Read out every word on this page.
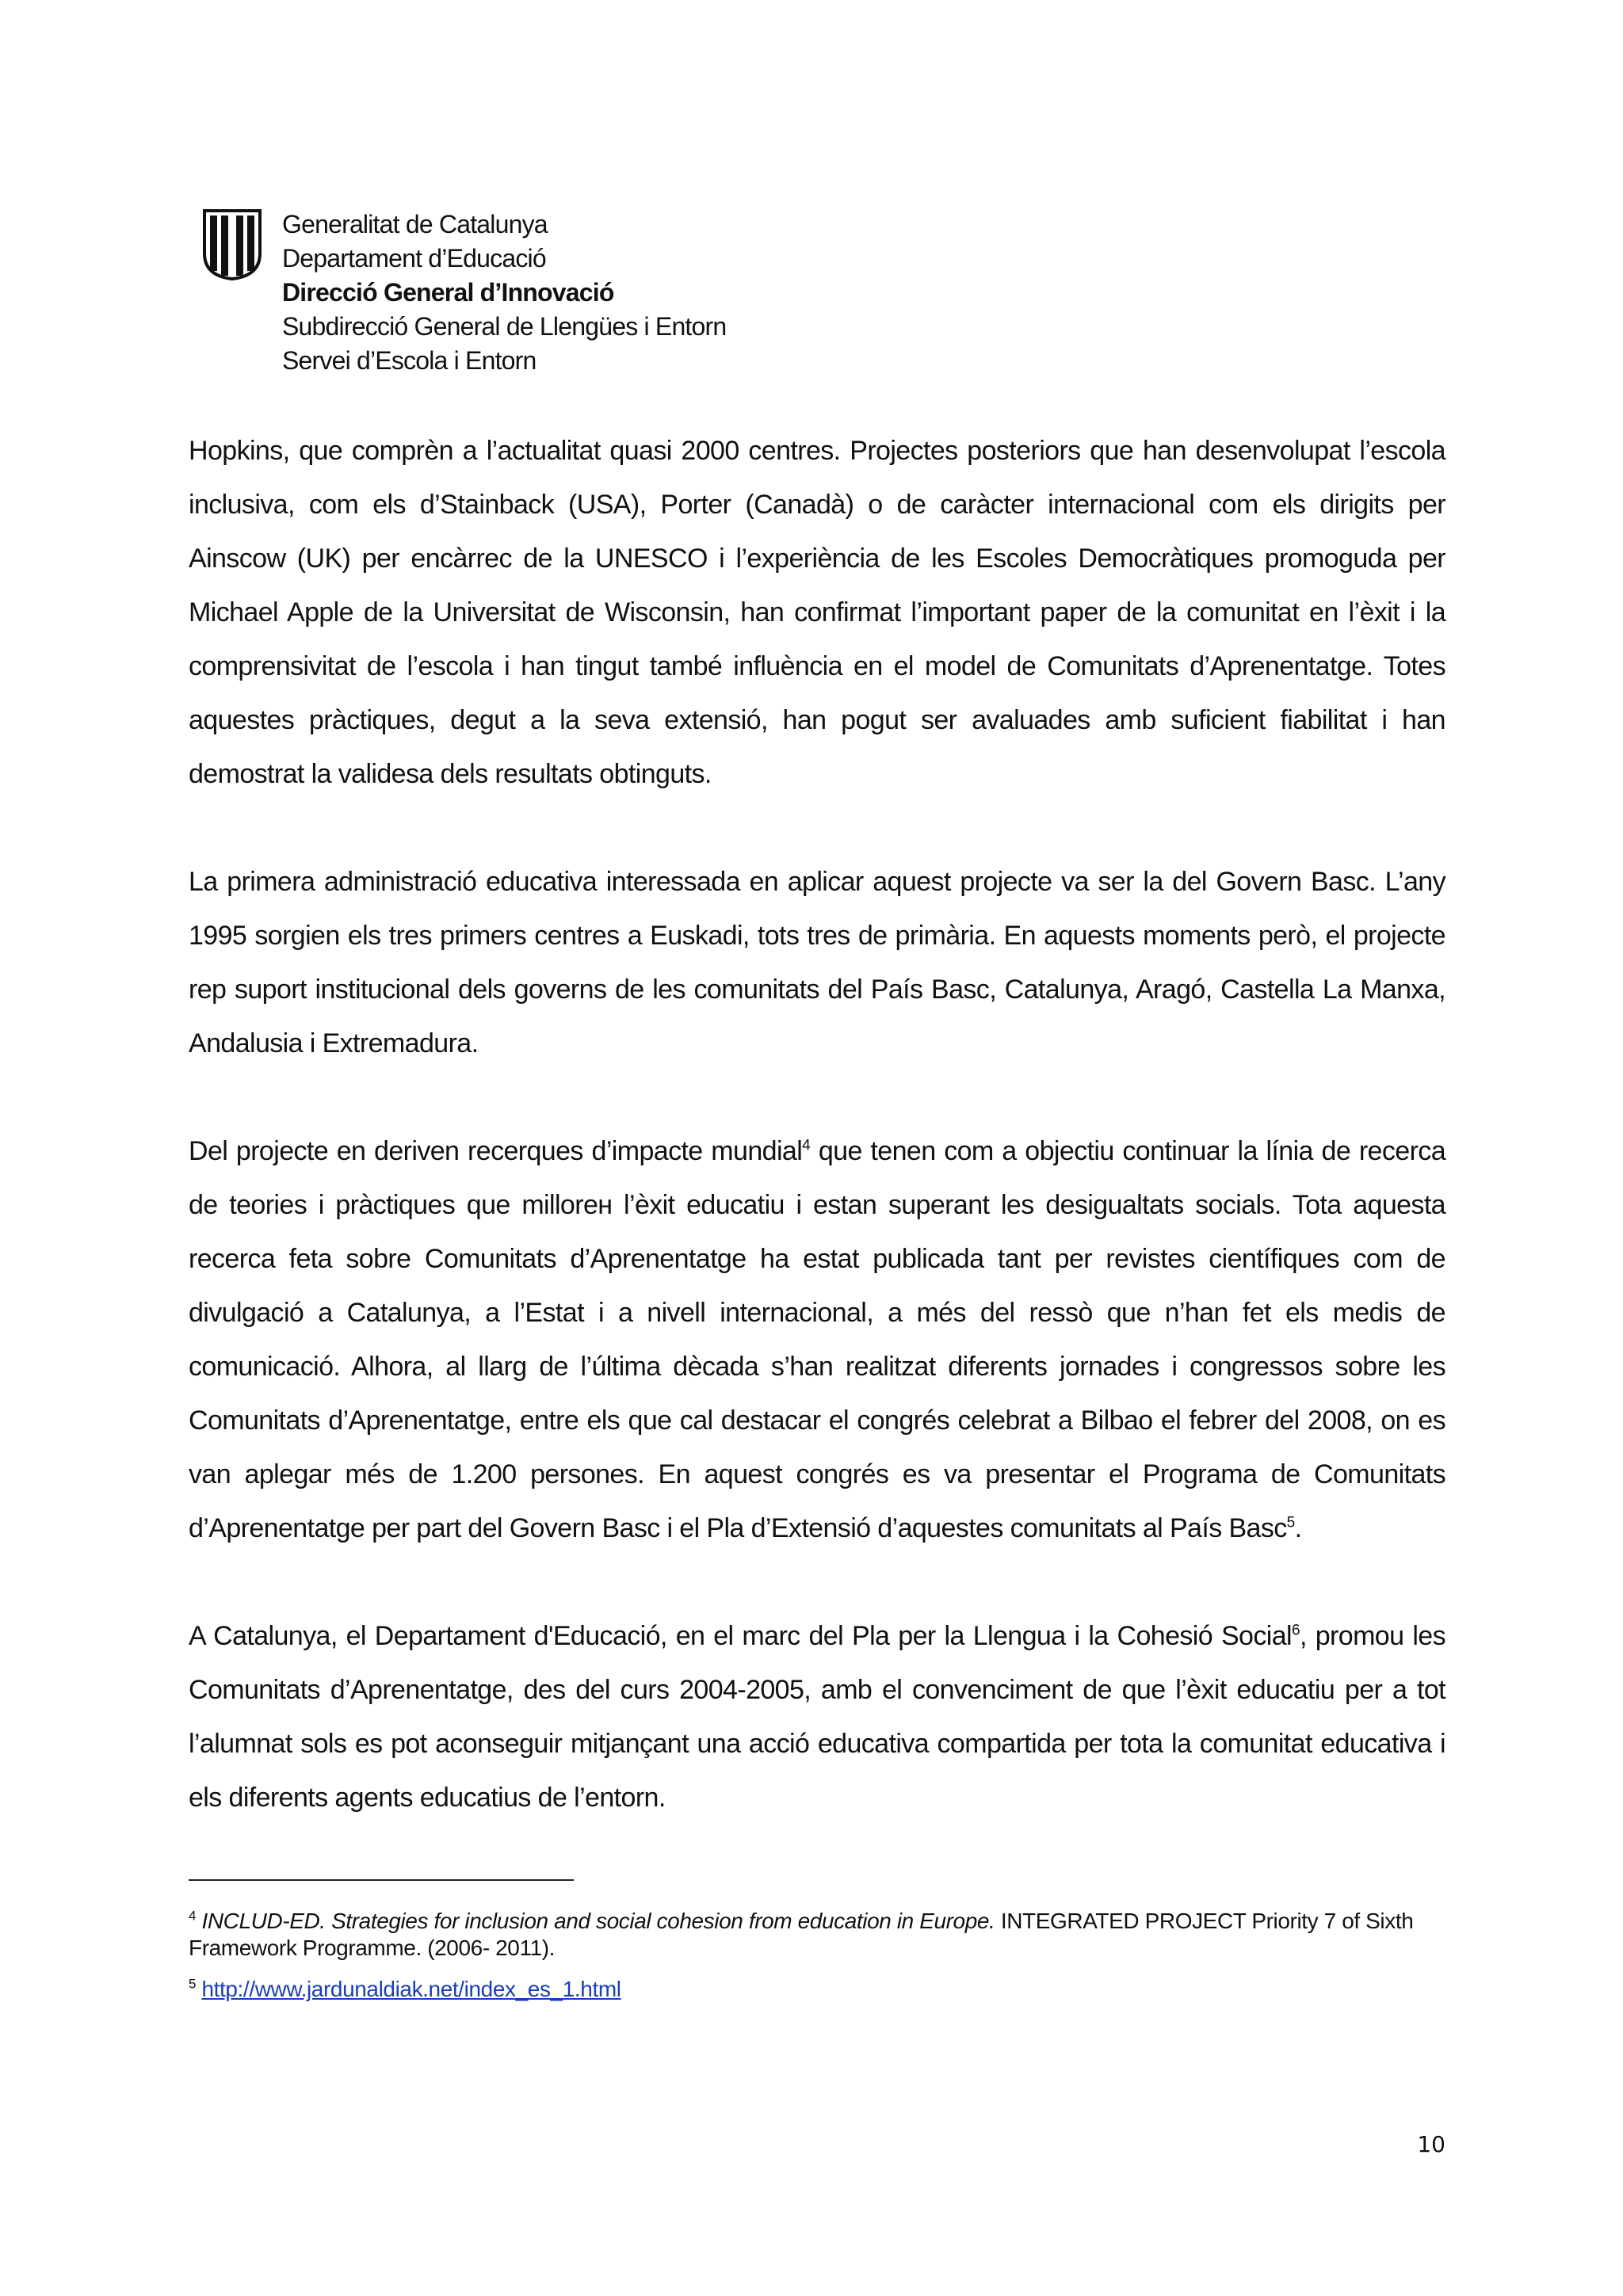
Generalitat de Catalunya
Departament d’Educació
Direcció General d’Innovació
Subdirecció General de Llengües i Entorn
Servei d’Escola i Entorn

Hopkins, que comprèn a l’actualitat quasi 2000 centres. Projectes posteriors que han desenvolupat l’escola inclusiva, com els d’Stainback (USA), Porter (Canadà) o de caràcter internacional com els dirigits per Ainscow (UK) per encàrrec de la UNESCO i l’experiència de les Escoles Democràtiques promoguda per Michael Apple de la Universitat de Wisconsin, han confirmat l’important paper de la comunitat en l’èxit i la comprensivitat de l’escola i han tingut també influència en el model de Comunitats d’Aprenentatge. Totes aquestes pràctiques, degut a la seva extensió, han pogut ser avaluades amb suficient fiabilitat i han demostrat la validesa dels resultats obtinguts.

La primera administració educativa interessada en aplicar aquest projecte va ser la del Govern Basc. L’any 1995 sorgien els tres primers centres a Euskadi, tots tres de primària. En aquests moments però, el projecte rep suport institucional dels governs de les comunitats del País Basc, Catalunya, Aragó, Castella La Manxa, Andalusia i Extremadura.

Del projecte en deriven recerques d’impacte mundial$^4$ que tenen com a objectiu continuar la línia de recerca de teories i pràctiques que millorен l’èxit educatiu i estan superant les desigualtats socials. Tota aquesta recerca feta sobre Comunitats d’Aprenentatge ha estat publicada tant per revistes científiques com de divulgació a Catalunya, a l’Estat i a nivell internacional, a més del ressò que n’han fet els medis de comunicació. Alhora, al llarg de l’última dècada s’han realitzat diferents jornades i congressos sobre les Comunitats d’Aprenentatge, entre els que cal destacar el congrés celebrat a Bilbao el febrer del 2008, on es van aplegar més de 1.200 persones. En aquest congrés es va presentar el Programa de Comunitats d’Aprenentatge per part del Govern Basc i el Pla d’Extensió d’aquestes comunitats al País Basc$^5$.

A Catalunya, el Departament d'Educació, en el marc del Pla per la Llengua i la Cohesió Social$^6$, promou les Comunitats d’Aprenentatge, des del curs 2004-2005, amb el convenciment de que l’èxit educatiu per a tot l’alumnat sols es pot aconseguir mitjançant una acció educativa compartida per tota la comunitat educativa i els diferents agents educatius de l’entorn.

$^4$ INCLUD-ED. Strategies for inclusion and social cohesion from education in Europe. INTEGRATED PROJECT Priority 7 of Sixth Framework Programme. (2006- 2011).
$^5$ http://www.jardunaldiak.net/index_es_1.html
10
